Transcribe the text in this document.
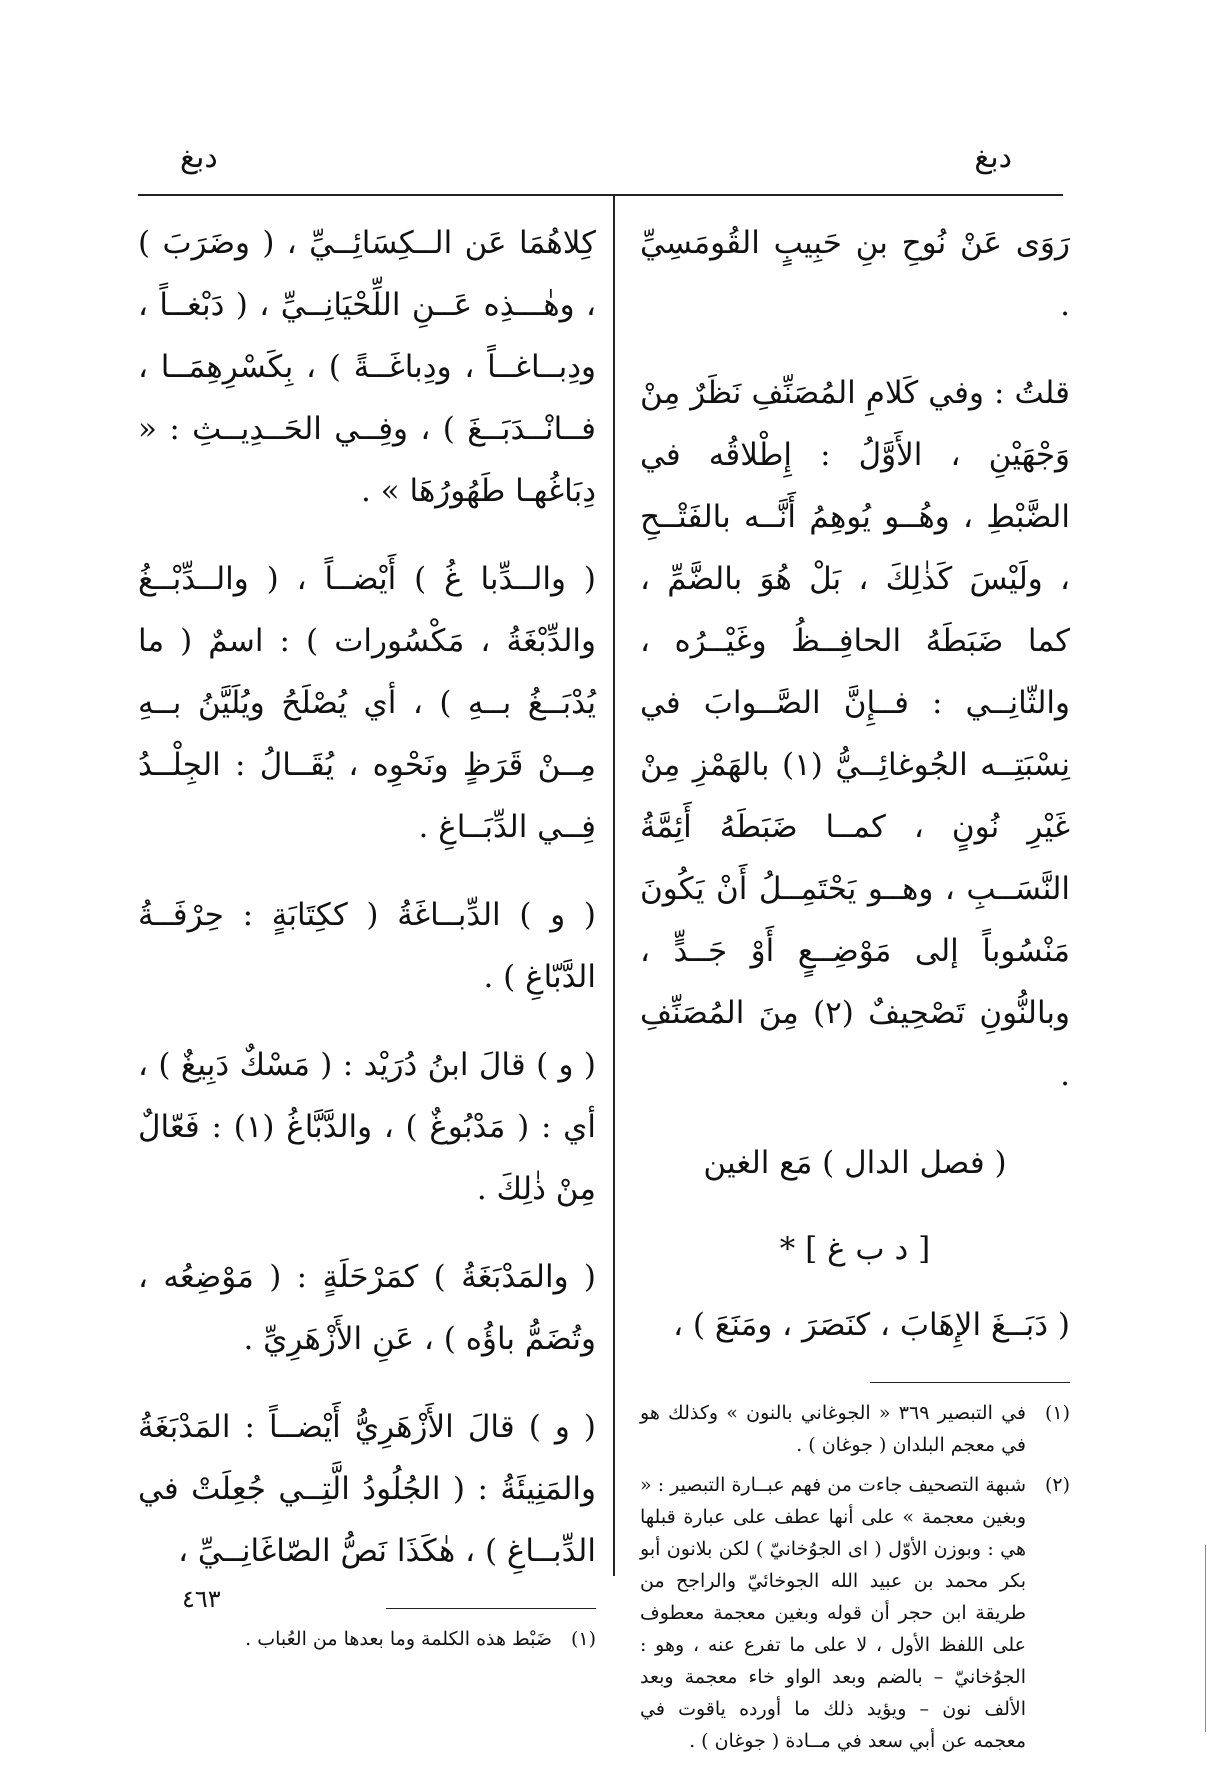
دبغ	دبغ

رَوَى عَنْ نُوحِ بنِ حَبِيبٍ القُومَسِيِّ .

قلتُ : وفي كَلامِ المُصَنِّفِ نَظَرٌ مِنْ وَجْهَيْنِ ، الأَوَّلُ : إِطْلاقُه في الضَّبْطِ ، وهُــو يُوهِمُ أَنَّــه بالفَتْــحِ ، ولَيْسَ كَذٰلِكَ ، بَلْ هُوَ بالضَّمِّ ، كما ضَبَطَهُ الحافِــظُ وغَيْــرُه ، والثّانِــي : فــإِنَّ الصَّــوابَ في نِسْبَتِــه الجُوغائِــيُّ (١) بالهَمْزِ مِنْ غَيْرِ نُونٍ ، كمــا ضَبَطَهُ أَئِمَّةُ النَّسَــبِ ، وهــو يَحْتَمِــلُ أَنْ يَكُونَ مَنْسُوباً إلى مَوْضِــعٍ أَوْ جَــدٍّ ، وبالنُّونِ تَصْحِيفٌ (٢) مِنَ المُصَنِّفِ .

( فصل الدال ) مَع الغين
[ د ب غ ] *

( دَبَــغَ الإِهَابَ ، كنَصَرَ ، ومَنَعَ ) ،

(١)
في التبصير ٣٦٩ « الجوغاني بالنون » وكذلك هو في معجم البلدان ( جوغان ) .
(٢)
شبهة التصحيف جاءت من فهم عبــارة التبصير : « وبغين معجمة » على أنها عطف على عبارة قبلها هي : وبوزن الأوّل ( اى الجوُخانيّ ) لكن بلانون أبو بكر محمد بن عبيد الله الجوخائيّ والراجح من طريقة ابن حجر أن قوله وبغين معجمة معطوف على اللفظ الأول ، لا على ما تفرع عنه ، وهو : الجوُخانيّ – بالضم وبعد الواو خاء معجمة وبعد الألف نون – ويؤيد ذلك ما أورده ياقوت في معجمه عن أبي سعد في مــادة ( جوغان ) .

كِلاهُمَا عَن الــكِسَائِــيِّ ، ( وضَرَبَ ) ، وهٰـــذِه عَــنِ اللِّحْيَانِــيِّ ، ( دَبْغــاً ، ودِبــاغــاً ، ودِباغَــةً ) ، بِكَسْرِهِمَــا ، فــانْــدَبَــغَ ) ، وفِــي الحَــدِيــثِ : « دِبَاغُهـا طَهُورُهَا » .

( والــدِّبا غُ ) أَيْضــاً ، ( والــدِّبْــغُ والدِّبْغَةُ ، مَكْسُورات ) : اسمٌ ( ما يُدْبَــغُ بــهِ ) ، أي يُصْلَحُ ويُلَيَّنُ بــهِ مِــنْ قَرَظٍ ونَحْوِه ، يُقَــالُ : الجِلْــدُ فِــي الدِّبَــاغِ .

( و ) الدِّبــاغَةُ ( ككِتَابَةٍ : حِرْفَــةُ الدَّبّاغِ ) .

( و ) قالَ ابنُ دُرَيْد : ( مَسْكٌ دَبِيغٌ ) ، أي : ( مَدْبُوغٌ ) ، والدَّبَّاغُ (١) : فَعّالٌ مِنْ ذٰلِكَ .

( والمَدْبَغَةُ ) كمَرْحَلَةٍ : ( مَوْضِعُه ، وتُضَمُّ باؤُه ) ، عَنِ الأَزْهَرِيِّ .

( و ) قالَ الأَزْهَرِيُّ أَيْضــاً : المَدْبَغَةُ والمَنِيئَةُ : ( الجُلُودُ الَّتِــي جُعِلَتْ في الدِّبــاغِ ) ، هٰكَذَا نَصُّ الصّاغَانِــيِّ ،

(١)
ضَبْط هذه الكلمة وما بعدها من العُباب .
٤٦٣
